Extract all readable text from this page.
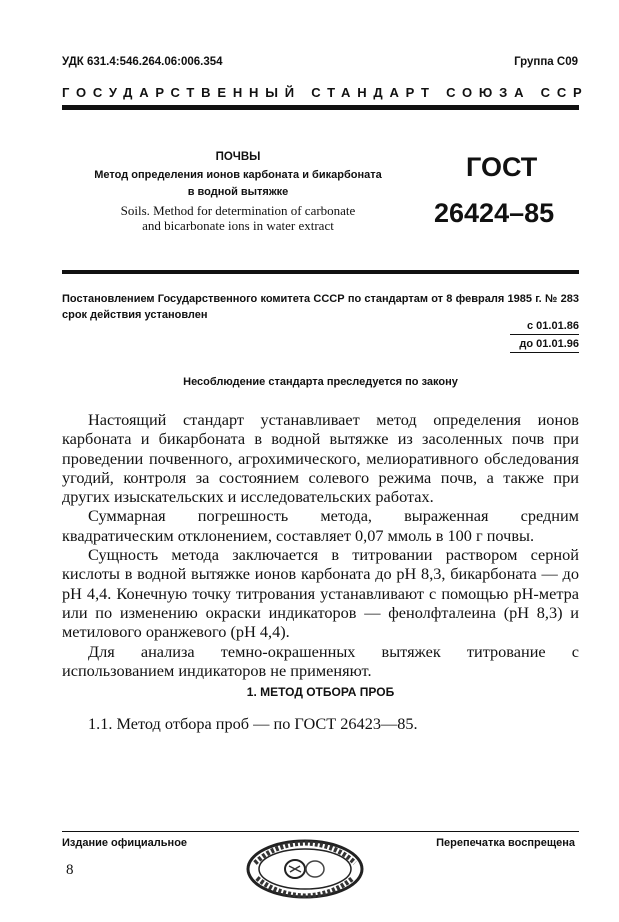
УДК 631.4:546.264.06:006.354	Группа С09
ГОСУДАРСТВЕННЫЙ СТАНДАРТ СОЮЗА ССР
ПОЧВЫ
Метод определения ионов карбоната и бикарбоната
в водной вытяжке
Soils. Method for determination of carbonate
and bicarbonate ions in water extract
ГОСТ
26424–85
Постановлением Государственного комитета СССР по стандартам от 8 февраля 1985 г. № 283 срок действия установлен
с 01.01.86
до 01.01.96
Несоблюдение стандарта преследуется по закону

Настоящий стандарт устанавливает метод определения ионов карбоната и бикарбоната в водной вытяжке из засоленных почв при проведении почвенного, агрохимического, мелиоративного обследования угодий, контроля за состоянием солевого режима почв, а также при других изыскательских и исследовательских работах.

Суммарная погрешность метода, выраженная средним квадратическим отклонением, составляет 0,07 ммоль в 100 г почвы.

Сущность метода заключается в титровании раствором серной кислоты в водной вытяжке ионов карбоната до pH 8,3, бикарбоната — до pH 4,4. Конечную точку титрования устанавливают с помощью pH-метра или по изменению окраски индикаторов — фенолфталеина (pH 8,3) и метилового оранжевого (pH 4,4).

Для анализа темно-окрашенных вытяжек титрование с использованием индикаторов не применяют.

1. МЕТОД ОТБОРА ПРОБ
1.1. Метод отбора проб — по ГОСТ 26423—85.
Издание официальное	Перепечатка воспрещена
8
